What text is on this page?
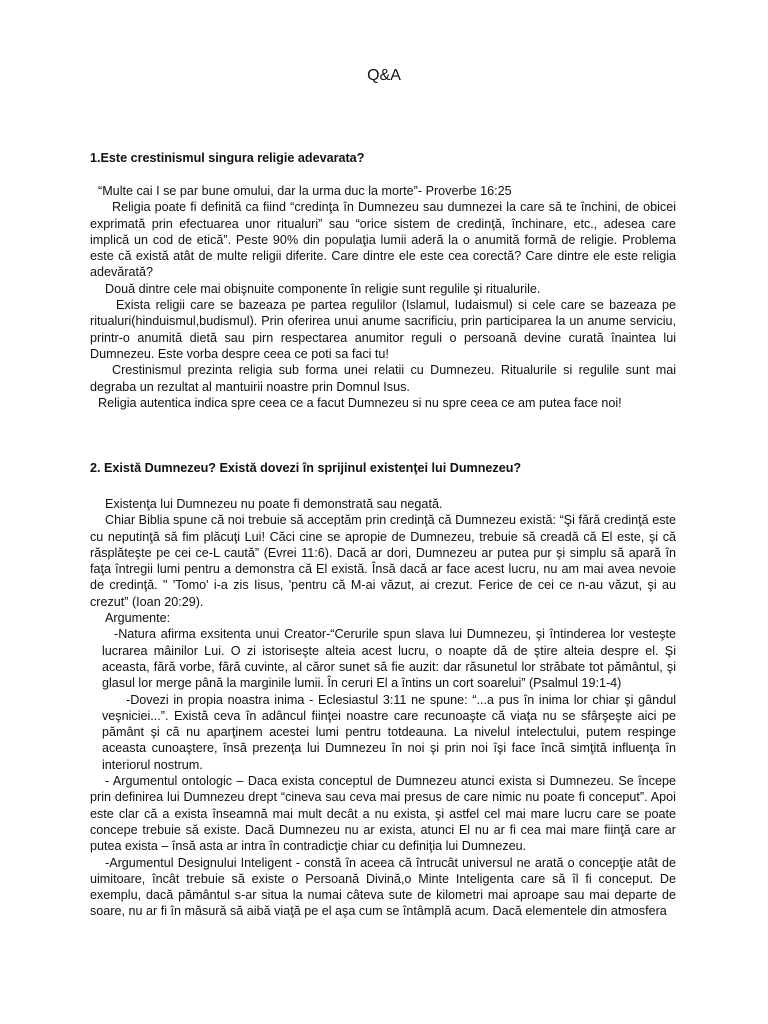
Q&A

1.Este crestinismul singura religie adevarata?

“Multe cai I se par bune omului, dar la urma duc la morte”- Proverbe 16:25

Religia poate fi definită ca fiind “credinţa în Dumnezeu sau dumnezei la care să te închini, de obicei exprimată prin efectuarea unor ritualuri” sau “orice sistem de credinţă, închinare, etc., adesea care implică un cod de etică”. Peste 90% din populaţia lumii aderă la o anumită formă de religie. Problema este că există atât de multe religii diferite. Care dintre ele este cea corectă? Care dintre ele este religia adevărată?

Două dintre cele mai obişnuite componente în religie sunt regulile şi ritualurile.

Exista religii care se bazeaza pe partea regulilor (Islamul, Iudaismul) si cele care se bazeaza pe ritualuri(hinduismul,budismul). Prin oferirea unui anume sacrificiu, prin participarea la un anume serviciu, printr-o anumită dietă sau pirn respectarea anumitor reguli o persoană devine curată înaintea lui Dumnezeu. Este vorba despre ceea ce poti sa faci tu!

Crestinismul prezinta religia sub forma unei relatii cu Dumnezeu. Ritualurile si regulile sunt mai degraba un rezultat al mantuirii noastre prin Domnul Isus.

Religia autentica indica spre ceea ce a facut Dumnezeu si nu spre ceea ce am putea face noi!

2. Există Dumnezeu? Există dovezi în sprijinul existenţei lui Dumnezeu?

Existenţa lui Dumnezeu nu poate fi demonstrată sau negată.

Chiar Biblia spune că noi trebuie să acceptăm prin credinţă că Dumnezeu există: “Şi fără credinţă este cu neputinţă să fim plăcuţi Lui! Căci cine se apropie de Dumnezeu, trebuie să creadă că El este, şi că răsplăteşte pe cei ce-L caută” (Evrei 11:6). Dacă ar dori, Dumnezeu ar putea pur şi simplu să apară în faţa întregii lumi pentru a demonstra că El există. Însă dacă ar face acest lucru, nu am mai avea nevoie de credinţă. " 'Tomo' i-a zis Iisus, 'pentru că M-ai văzut, ai crezut. Ferice de cei ce n-au văzut, şi au crezut” (Ioan 20:29).

Argumente:

-Natura afirma exsitenta unui Creator-“Cerurile spun slava lui Dumnezeu, şi întinderea lor vesteşte lucrarea mâinilor Lui. O zi istoriseşte alteia acest lucru, o noapte dă de ştire alteia despre el. Şi aceasta, fără vorbe, fără cuvinte, al căror sunet să fie auzit: dar răsunetul lor străbate tot pământul, şi glasul lor merge până la marginile lumii. În ceruri El a întins un cort soarelui” (Psalmul 19:1-4)

-Dovezi in propia noastra inima - Eclesiastul 3:11 ne spune: “...a pus în inima lor chiar şi gândul veşniciei...”. Există ceva în adâncul fiinţei noastre care recunoaşte că viaţa nu se sfârşeşte aici pe pământ şi că nu aparţinem acestei lumi pentru totdeauna. La nivelul intelectului, putem respinge aceasta cunoaştere, însă prezenţa lui Dumnezeu în noi şi prin noi îşi face încă simţită influenţa în interiorul nostrum.

- Argumentul ontologic – Daca exista conceptul de Dumnezeu atunci exista si Dumnezeu. Se începe prin definirea lui Dumnezeu drept “cineva sau ceva mai presus de care nimic nu poate fi conceput”. Apoi este clar că a exista înseamnă mai mult decât a nu exista, şi astfel cel mai mare lucru care se poate concepe trebuie să existe. Dacă Dumnezeu nu ar exista, atunci El nu ar fi cea mai mare fiinţă care ar putea exista – însă asta ar intra în contradicţie chiar cu definiţia lui Dumnezeu.

-Argumentul Designului Inteligent - constă în aceea că întrucât universul ne arată o concepţie atât de uimitoare, încât trebuie să existe o Persoană Divină,o Minte Inteligenta care să îl fi conceput. De exemplu, dacă pământul s-ar situa la numai câteva sute de kilometri mai aproape sau mai departe de soare, nu ar fi în măsură să aibă viaţă pe el aşa cum se întâmplă acum. Dacă elementele din atmosfera
